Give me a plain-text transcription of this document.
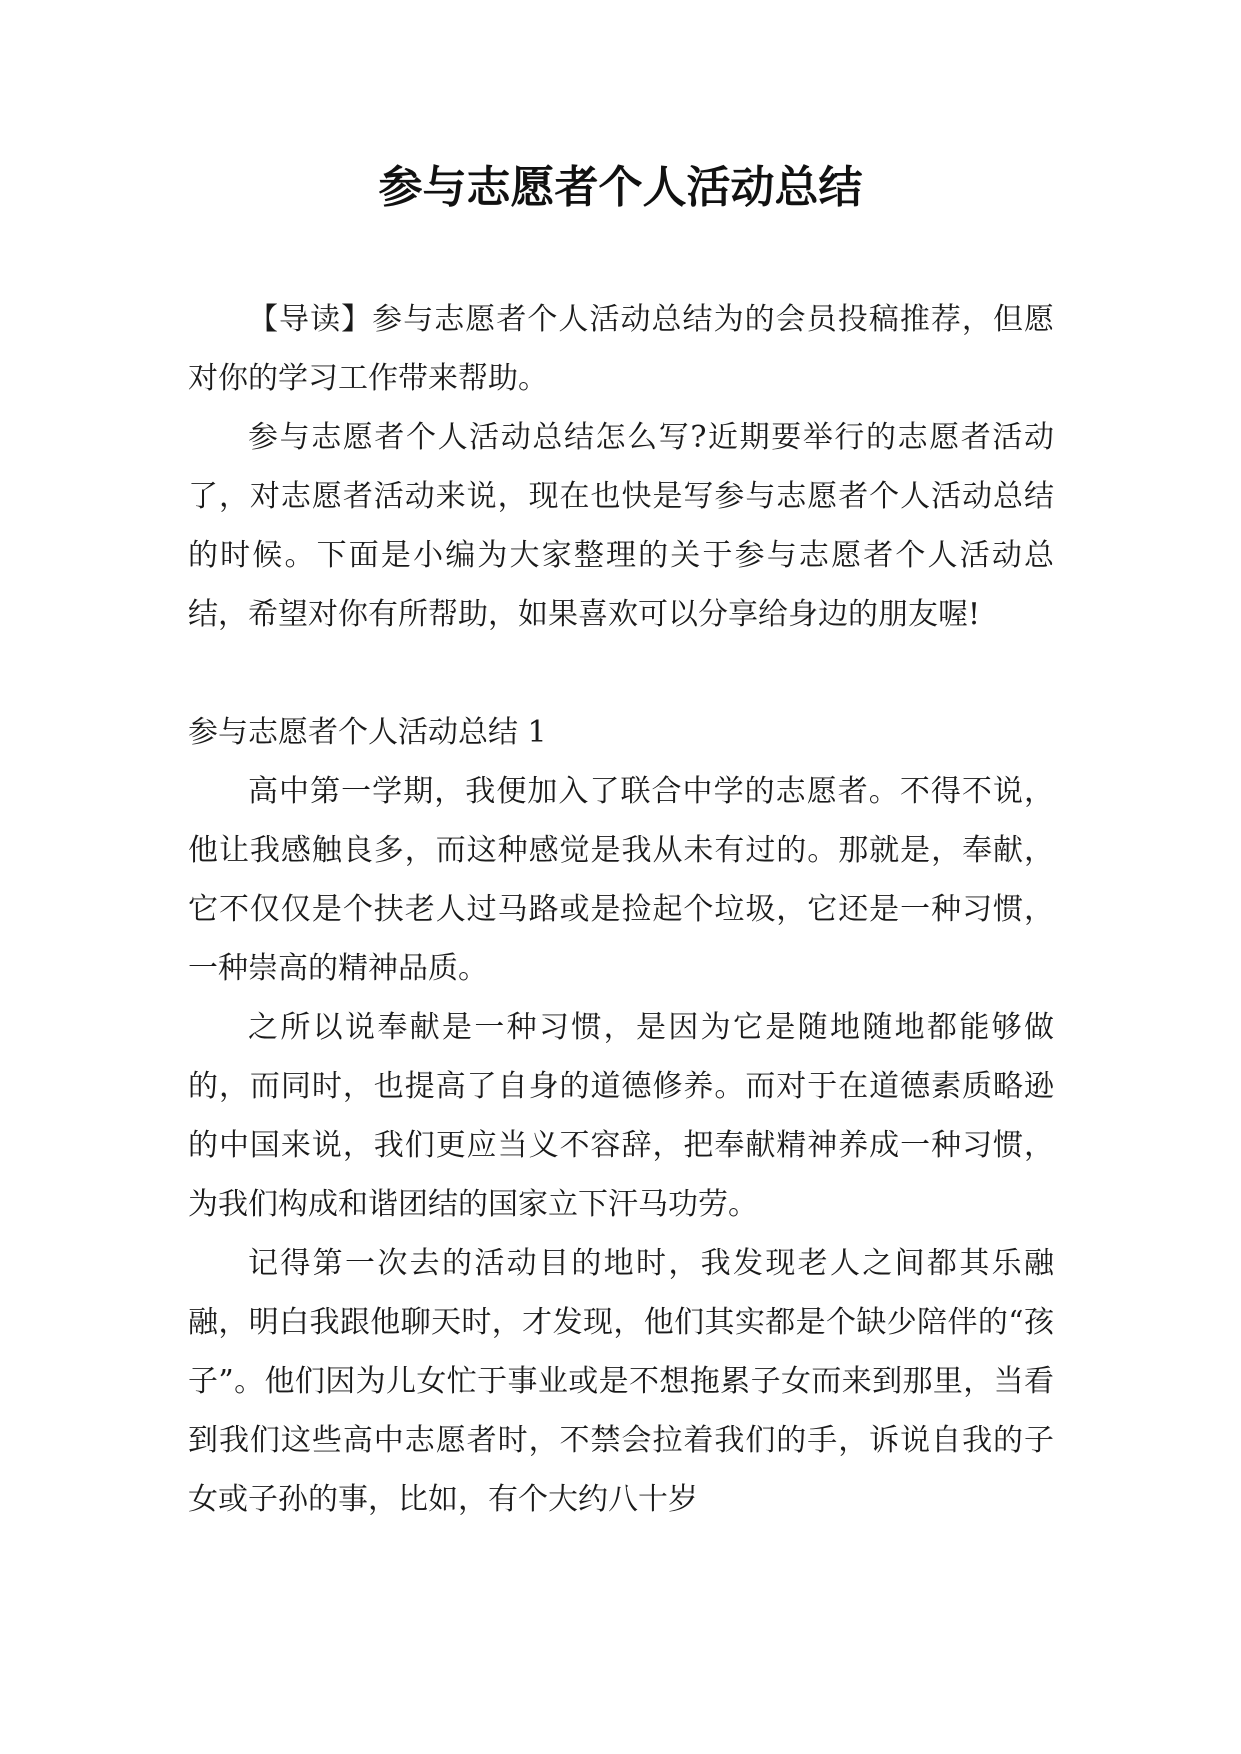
参与志愿者个人活动总结

【导读】参与志愿者个人活动总结为的会员投稿推荐，但愿对你的学习工作带来帮助。

参与志愿者个人活动总结怎么写?近期要举行的志愿者活动了，对志愿者活动来说，现在也快是写参与志愿者个人活动总结的时候。下面是小编为大家整理的关于参与志愿者个人活动总结，希望对你有所帮助，如果喜欢可以分享给身边的朋友喔!

参与志愿者个人活动总结 1

高中第一学期，我便加入了联合中学的志愿者。不得不说，他让我感触良多，而这种感觉是我从未有过的。那就是，奉献，它不仅仅是个扶老人过马路或是捡起个垃圾，它还是一种习惯，一种崇高的精神品质。

之所以说奉献是一种习惯，是因为它是随地随地都能够做的，而同时，也提高了自身的道德修养。而对于在道德素质略逊的中国来说，我们更应当义不容辞，把奉献精神养成一种习惯，为我们构成和谐团结的国家立下汗马功劳。

记得第一次去的活动目的地时，我发现老人之间都其乐融融，明白我跟他聊天时，才发现，他们其实都是个缺少陪伴的“孩子”。他们因为儿女忙于事业或是不想拖累子女而来到那里，当看到我们这些高中志愿者时，不禁会拉着我们的手，诉说自我的子女或子孙的事，比如，有个大约八十岁
